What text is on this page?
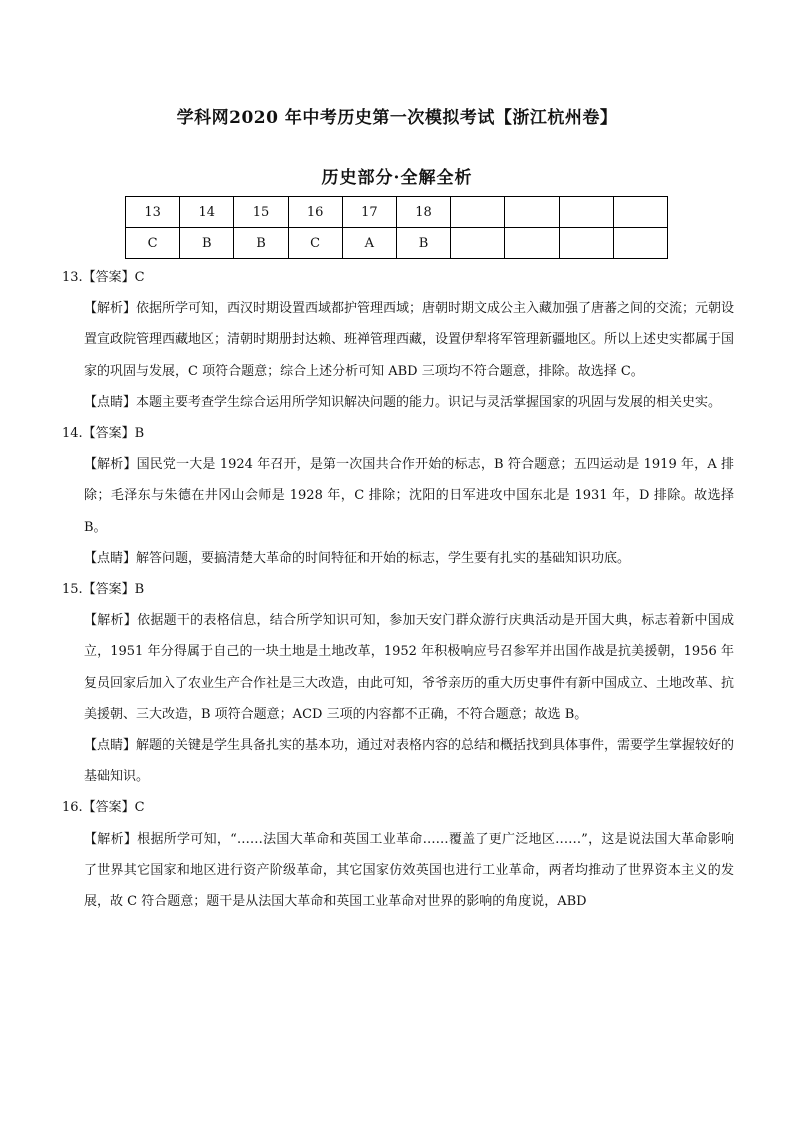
学科网2020 年中考历史第一次模拟考试【浙江杭州卷】
历史部分·全解全析
13	14	15	16	17	18				
C	B	B	C	A	B				

13.【答案】C

【解析】依据所学可知，西汉时期设置西域都护管理西域；唐朝时期文成公主入藏加强了唐蕃之间的交流；元朝设置宣政院管理西藏地区；清朝时期册封达赖、班禅管理西藏，设置伊犁将军管理新疆地区。所以上述史实都属于国家的巩固与发展，C 项符合题意；综合上述分析可知 ABD 三项均不符合题意，排除。故选择 C。

【点睛】本题主要考查学生综合运用所学知识解决问题的能力。识记与灵活掌握国家的巩固与发展的相关史实。

14.【答案】B

【解析】国民党一大是 1924 年召开，是第一次国共合作开始的标志，B 符合题意；五四运动是 1919 年，A 排除；毛泽东与朱德在井冈山会师是 1928 年，C 排除；沈阳的日军进攻中国东北是 1931 年，D 排除。故选择 B。

【点睛】解答问题，要搞清楚大革命的时间特征和开始的标志，学生要有扎实的基础知识功底。

15.【答案】B

【解析】依据题干的表格信息，结合所学知识可知，参加天安门群众游行庆典活动是开国大典，标志着新中国成立，1951 年分得属于自己的一块土地是土地改革，1952 年积极响应号召参军并出国作战是抗美援朝，1956 年复员回家后加入了农业生产合作社是三大改造，由此可知，爷爷亲历的重大历史事件有新中国成立、土地改革、抗美援朝、三大改造，B 项符合题意；ACD 三项的内容都不正确，不符合题意；故选 B。

【点睛】解题的关键是学生具备扎实的基本功，通过对表格内容的总结和概括找到具体事件，需要学生掌握较好的基础知识。

16.【答案】C

【解析】根据所学可知，“……法国大革命和英国工业革命……覆盖了更广泛地区……”，这是说法国大革命影响了世界其它国家和地区进行资产阶级革命，其它国家仿效英国也进行工业革命，两者均推动了世界资本主义的发展，故 C 符合题意；题干是从法国大革命和英国工业革命对世界的影响的角度说，ABD
